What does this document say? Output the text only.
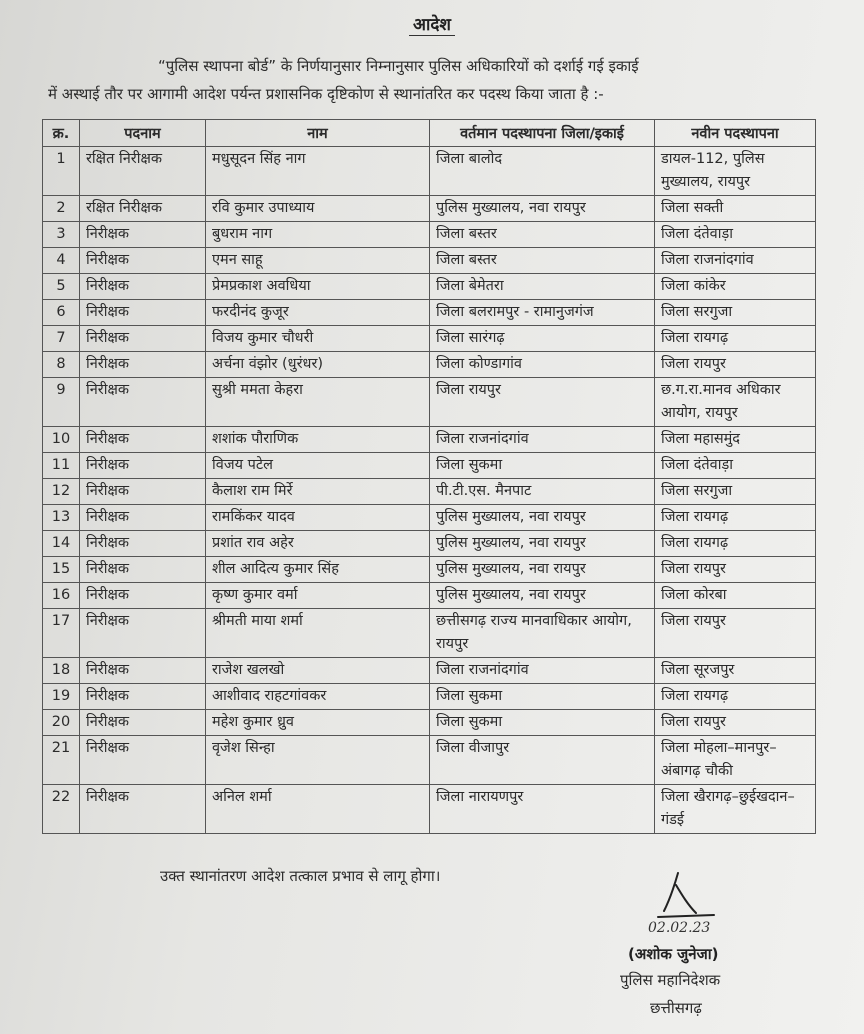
आदेश
“पुलिस स्थापना बोर्ड” के निर्णयानुसार निम्नानुसार पुलिस अधिकारियों को दर्शाई गई इकाई
में अस्थाई तौर पर आगामी आदेश पर्यन्त प्रशासनिक दृष्टिकोण से स्थानांतरित कर पदस्थ किया जाता है :-
क्र.	पदनाम	नाम	वर्तमान पदस्थापना जिला/इकाई	नवीन पदस्थापना
1	रक्षित निरीक्षक	मधुसूदन सिंह नाग	जिला बालोद	डायल-112, पुलिस मुख्यालय, रायपुर
2	रक्षित निरीक्षक	रवि कुमार उपाध्याय	पुलिस मुख्यालय, नवा रायपुर	जिला सक्ती
3	निरीक्षक	बुधराम नाग	जिला बस्तर	जिला दंतेवाड़ा
4	निरीक्षक	एमन साहू	जिला बस्तर	जिला राजनांदगांव
5	निरीक्षक	प्रेमप्रकाश अवधिया	जिला बेमेतरा	जिला कांकेर
6	निरीक्षक	फरदीनंद कुजूर	जिला बलरामपुर - रामानुजगंज	जिला सरगुजा
7	निरीक्षक	विजय कुमार चौधरी	जिला सारंगढ़	जिला रायगढ़
8	निरीक्षक	अर्चना वंझोर (धुरंधर)	जिला कोण्डागांव	जिला रायपुर
9	निरीक्षक	सुश्री ममता केहरा	जिला रायपुर	छ.ग.रा.मानव अधिकार आयोग, रायपुर
10	निरीक्षक	शशांक पौराणिक	जिला राजनांदगांव	जिला महासमुंद
11	निरीक्षक	विजय पटेल	जिला सुकमा	जिला दंतेवाड़ा
12	निरीक्षक	कैलाश राम मिर्रे	पी.टी.एस. मैनपाट	जिला सरगुजा
13	निरीक्षक	रामकिंकर यादव	पुलिस मुख्यालय, नवा रायपुर	जिला रायगढ़
14	निरीक्षक	प्रशांत राव अहेर	पुलिस मुख्यालय, नवा रायपुर	जिला रायगढ़
15	निरीक्षक	शील आदित्य कुमार सिंह	पुलिस मुख्यालय, नवा रायपुर	जिला रायपुर
16	निरीक्षक	कृष्ण कुमार वर्मा	पुलिस मुख्यालय, नवा रायपुर	जिला कोरबा
17	निरीक्षक	श्रीमती माया शर्मा	छत्तीसगढ़ राज्य मानवाधिकार आयोग, रायपुर	जिला रायपुर
18	निरीक्षक	राजेश खलखो	जिला राजनांदगांव	जिला सूरजपुर
19	निरीक्षक	आशीवाद राहटगांवकर	जिला सुकमा	जिला रायगढ़
20	निरीक्षक	महेश कुमार ध्रुव	जिला सुकमा	जिला रायपुर
21	निरीक्षक	वृजेश सिन्हा	जिला वीजापुर	जिला मोहला–मानपुर–अंबागढ़ चौकी
22	निरीक्षक	अनिल शर्मा	जिला नारायणपुर	जिला खैरागढ़–छुईखदान–गंडई
उक्त स्थानांतरण आदेश तत्काल प्रभाव से लागू होगा।
02.02.23
(अशोक जुनेजा)
पुलिस महानिदेशक
छत्तीसगढ़
